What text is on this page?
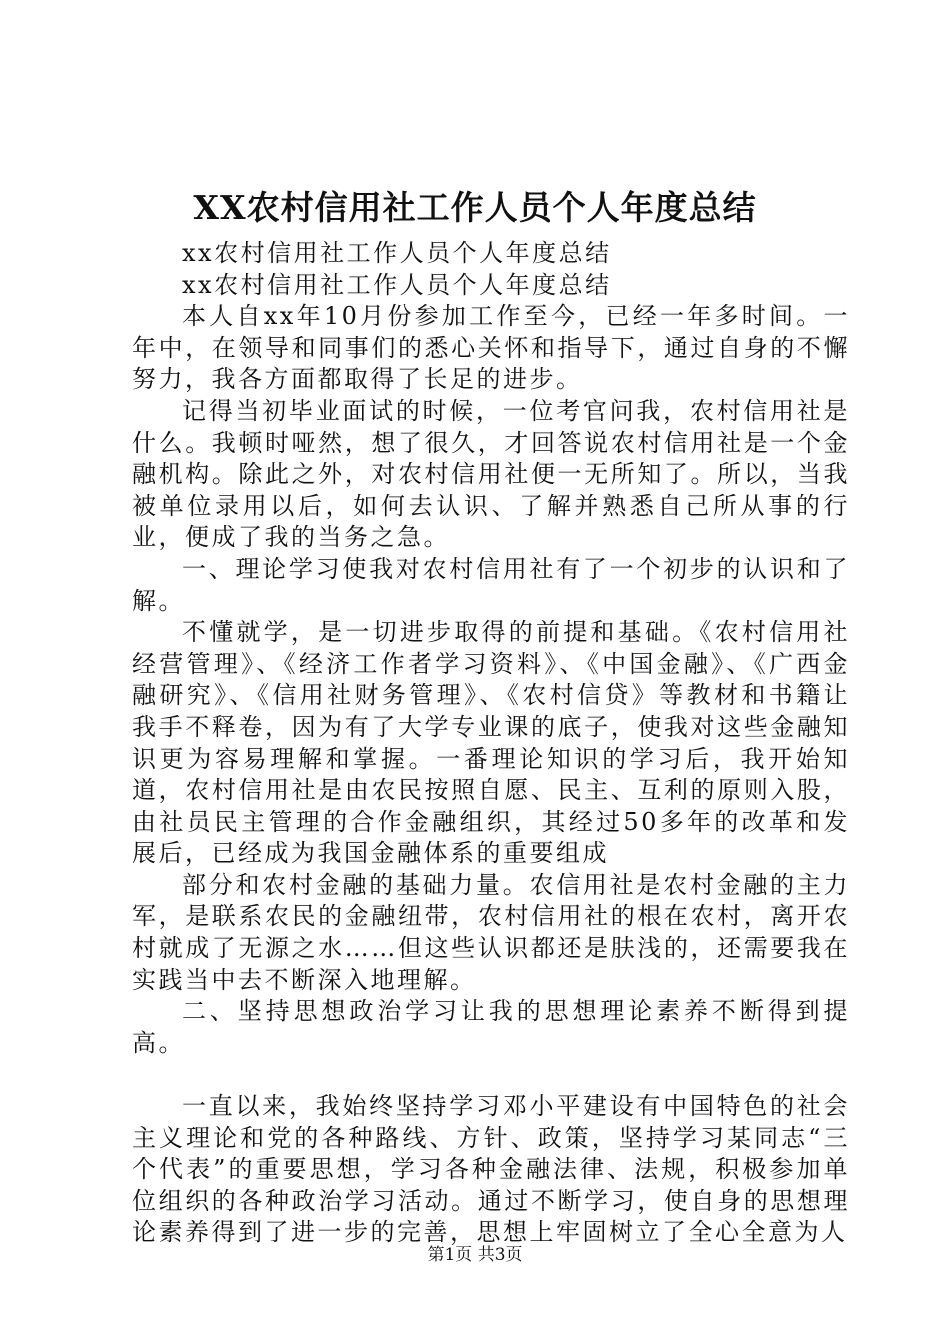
XX农村信用社工作人员个人年度总结

xx农村信用社工作人员个人年度总结

xx农村信用社工作人员个人年度总结

本人自xx年10月份参加工作至今，已经一年多时间。一年中，在领导和同事们的悉心关怀和指导下，通过自身的不懈努力，我各方面都取得了长足的进步。

记得当初毕业面试的时候，一位考官问我，农村信用社是什么。我顿时哑然，想了很久，才回答说农村信用社是一个金融机构。除此之外，对农村信用社便一无所知了。所以，当我被单位录用以后，如何去认识、了解并熟悉自己所从事的行业，便成了我的当务之急。

一、理论学习使我对农村信用社有了一个初步的认识和了解。

不懂就学，是一切进步取得的前提和基础。《农村信用社经营管理》、《经济工作者学习资料》、《中国金融》、《广西金融研究》、《信用社财务管理》、《农村信贷》等教材和书籍让我手不释卷，因为有了大学专业课的底子，使我对这些金融知识更为容易理解和掌握。一番理论知识的学习后，我开始知道，农村信用社是由农民按照自愿、民主、互利的原则入股，由社员民主管理的合作金融组织，其经过50多年的改革和发展后，已经成为我国金融体系的重要组成

部分和农村金融的基础力量。农信用社是农村金融的主力军，是联系农民的金融纽带，农村信用社的根在农村，离开农村就成了无源之水……但这些认识都还是肤浅的，还需要我在实践当中去不断深入地理解。

二、坚持思想政治学习让我的思想理论素养不断得到提高。

一直以来，我始终坚持学习邓小平建设有中国特色的社会主义理论和党的各种路线、方针、政策，坚持学习某同志“三个代表”的重要思想，学习各种金融法律、法规，积极参加单位组织的各种政治学习活动。通过不断学习，使自身的思想理论素养得到了进一步的完善，思想上牢固树立了全心全意为人

第1页 共3页
